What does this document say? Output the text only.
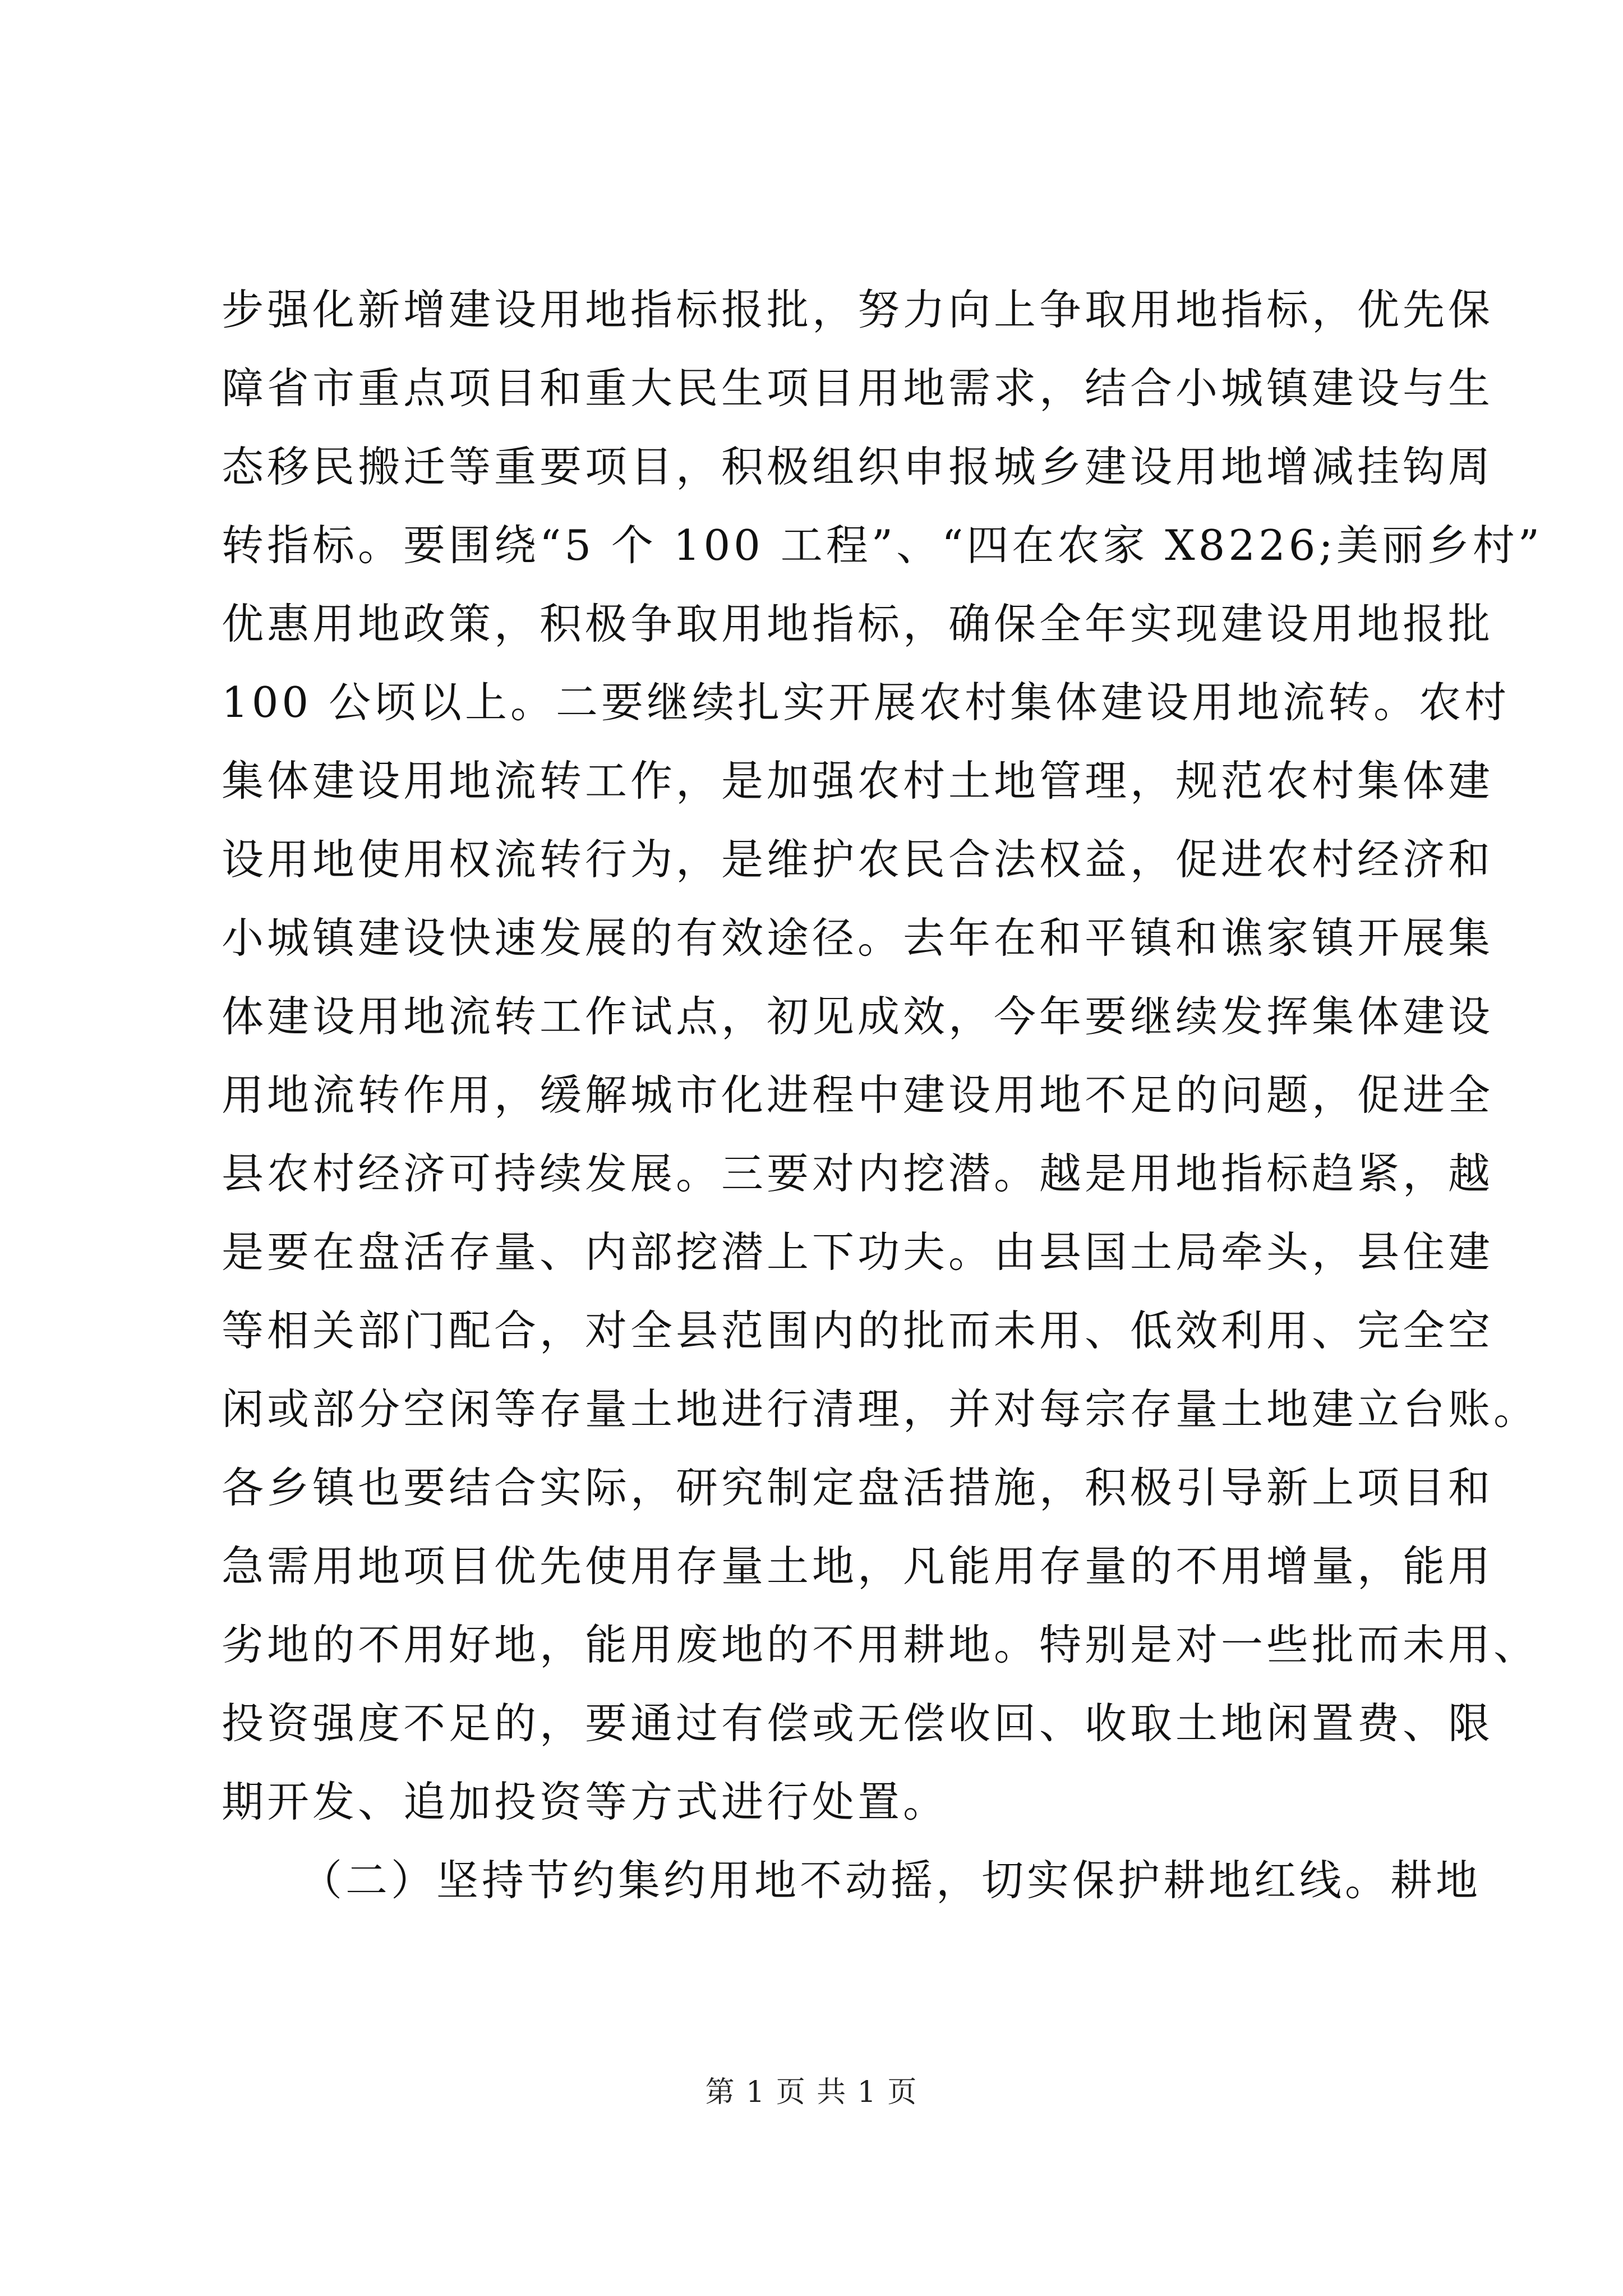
步强化新增建设用地指标报批，努力向上争取用地指标，优先保
障省市重点项目和重大民生项目用地需求，结合小城镇建设与生
态移民搬迁等重要项目，积极组织申报城乡建设用地增减挂钩周
转指标。要围绕“5 个 100 工程”、“四在农家 X8226;美丽乡村”
优惠用地政策，积极争取用地指标，确保全年实现建设用地报批
100 公顷以上。二要继续扎实开展农村集体建设用地流转。农村
集体建设用地流转工作，是加强农村土地管理，规范农村集体建
设用地使用权流转行为，是维护农民合法权益，促进农村经济和
小城镇建设快速发展的有效途径。去年在和平镇和谯家镇开展集
体建设用地流转工作试点，初见成效，今年要继续发挥集体建设
用地流转作用，缓解城市化进程中建设用地不足的问题，促进全
县农村经济可持续发展。三要对内挖潜。越是用地指标趋紧，越
是要在盘活存量、内部挖潜上下功夫。由县国土局牵头，县住建
等相关部门配合，对全县范围内的批而未用、低效利用、完全空
闲或部分空闲等存量土地进行清理，并对每宗存量土地建立台账。
各乡镇也要结合实际，研究制定盘活措施，积极引导新上项目和
急需用地项目优先使用存量土地，凡能用存量的不用增量，能用
劣地的不用好地，能用废地的不用耕地。特别是对一些批而未用、
投资强度不足的，要通过有偿或无偿收回、收取土地闲置费、限
期开发、追加投资等方式进行处置。
（二）坚持节约集约用地不动摇，切实保护耕地红线。耕地
第 1 页 共 1 页
